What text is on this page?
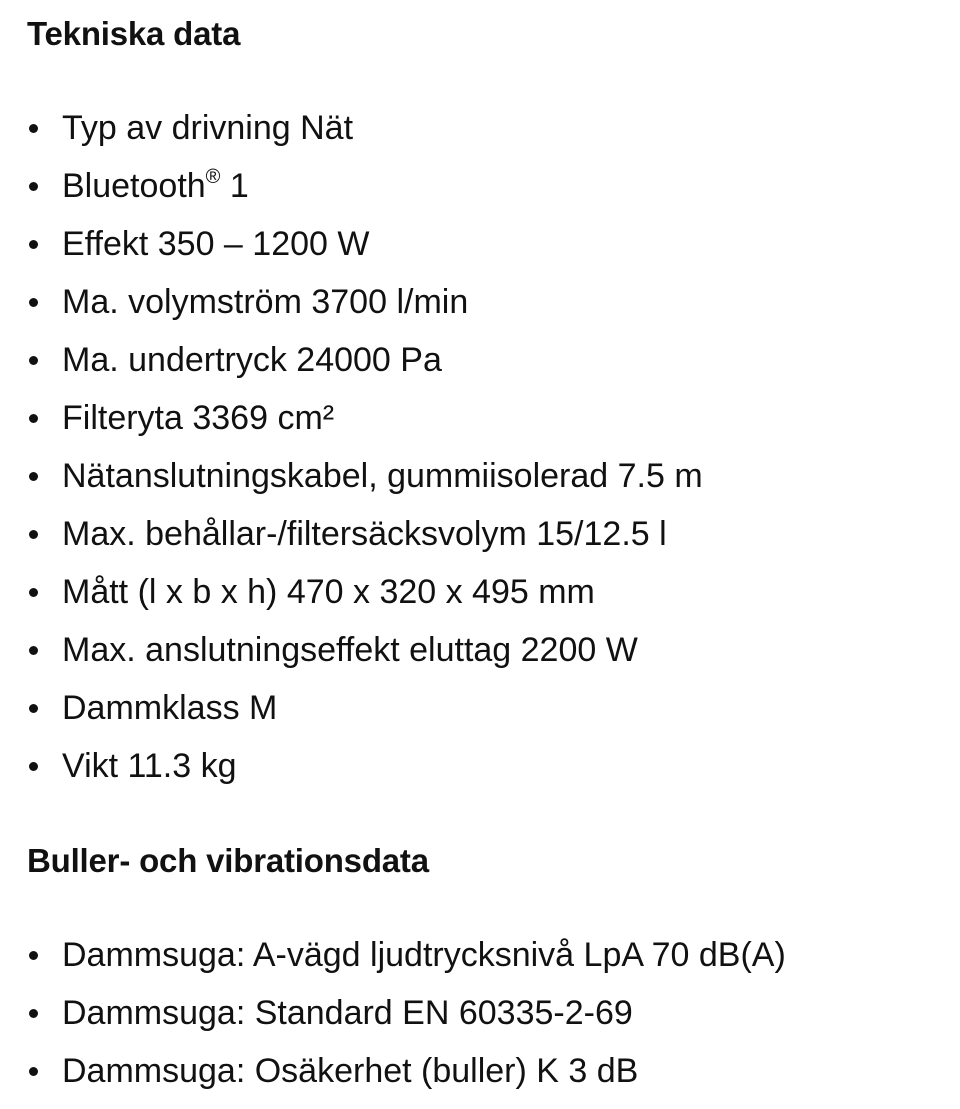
Tekniska data
Typ av drivning Nät
Bluetooth® 1
Effekt 350 – 1200 W
Ma. volymström 3700 l/min
Ma. undertryck 24000 Pa
Filteryta 3369 cm²
Nätanslutningskabel, gummiisolerad 7.5 m
Max. behållar-/filtersäcksvolym 15/12.5 l
Mått (l x b x h) 470 x 320 x 495 mm
Max. anslutningseffekt eluttag 2200 W
Dammklass M
Vikt 11.3 kg
Buller- och vibrationsdata
Dammsuga: A-vägd ljudtrycksnivå LpA 70 dB(A)
Dammsuga: Standard EN 60335-2-69
Dammsuga: Osäkerhet (buller) K 3 dB
